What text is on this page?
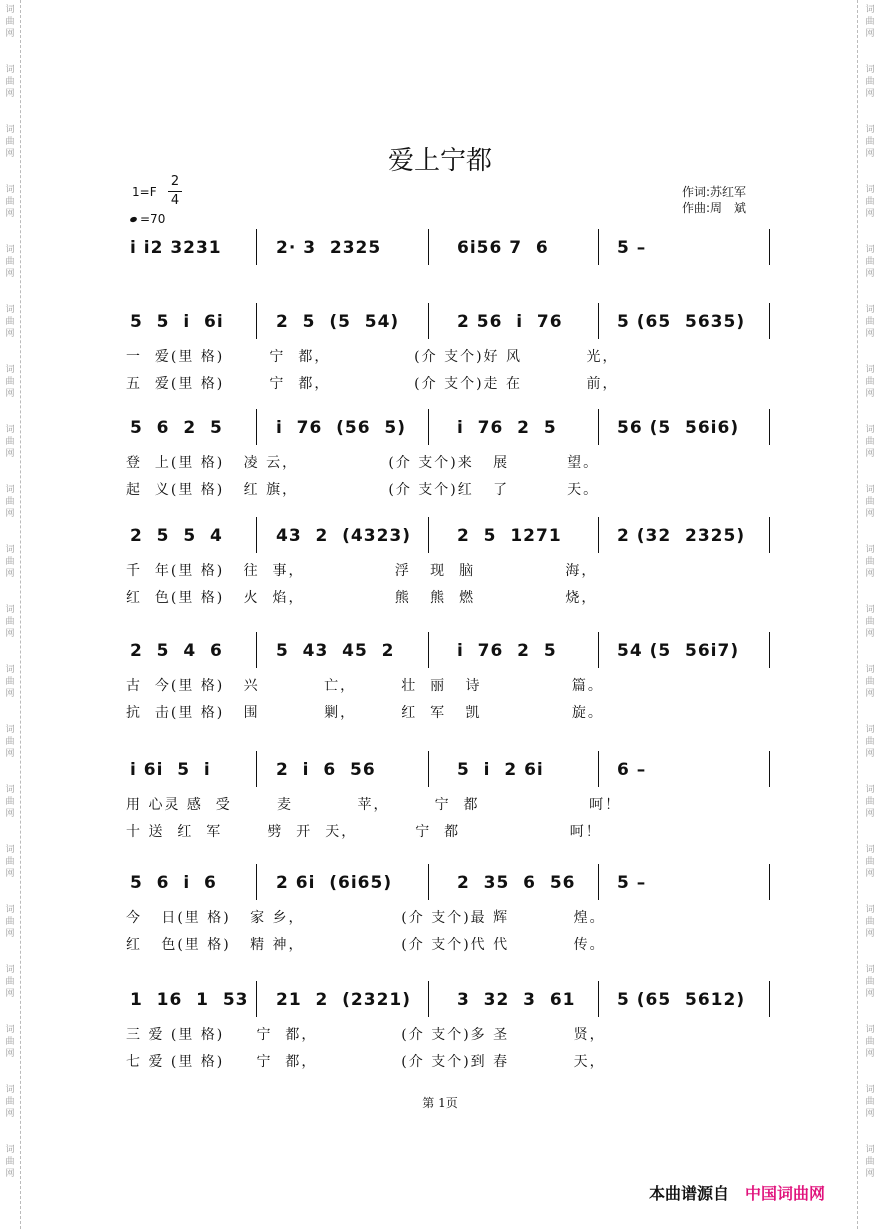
词
曲
网
词
曲
网
词
曲
网
词
曲
网
词
曲
网
词
曲
网
词
曲
网
词
曲
网
词
曲
网
词
曲
网
词
曲
网
词
曲
网
词
曲
网
词
曲
网
词
曲
网
词
曲
网
词
曲
网
词
曲
网
词
曲
网
词
曲
网
词
曲
网
词
曲
网
词
曲
网
词
曲
网
词
曲
网
词
曲
网
词
曲
网
词
曲
网
词
曲
网
词
曲
网
词
曲
网
词
曲
网
词
曲
网
词
曲
网
词
曲
网
词
曲
网
词
曲
网
词
曲
网
词
曲
网
词
曲
网
爱上宁都
1=F
2
4
=70
作词:苏红军
作曲:周　斌
i i2 3231	2· 3  2325	6i56 7  6	5 –
5  5  i  6i	2  5  (5  54)	2 56  i  76	5 (65  5635)
一  爱(里 格)       宁  都，             (介 支个)好 风          光，
五  爱(里 格)       宁  都，             (介 支个)走 在          前，
5  6  2  5	i  76  (56  5)	i  76  2  5	56 (5  56i6)
登  上(里 格)   凌 云，              (介 支个)来   展         望。
起  义(里 格)   红 旗，              (介 支个)红   了         天。
2  5  5  4	43  2  (4323)	2  5  1271	2 (32  2325)
千  年(里 格)   往  事，              浮   现  脑              海，
红  色(里 格)   火  焰，              熊   熊  燃              烧，
2  5  4  6	5  43  45  2	i  76  2  5	54 (5  56i7)
古  今(里 格)   兴          亡，       壮  丽   诗              篇。
抗  击(里 格)   围          剿，       红  军   凯              旋。
i 6i  5  i	2  i  6  56	5  i  2 6i	6 –
用 心灵 感  受       麦          苹，       宁  都                 呵！
十 送  红  军       劈  开  天，         宁  都                 呵！
5  6  i  6	2 6i  (6i65)	2  35  6  56 5 –
今   日(里 格)   家 乡，               (介 支个)最 辉          煌。
红   色(里 格)   精 神，               (介 支个)代 代          传。
1  16  1  53 21  2  (2321)	3  32  3  61 5 (65  5612)
三 爱 (里 格)     宁  都，             (介 支个)多 圣          贤，
七 爱 (里 格)     宁  都，             (介 支个)到 春          天，
第 1页
本曲谱源自 中国词曲网
